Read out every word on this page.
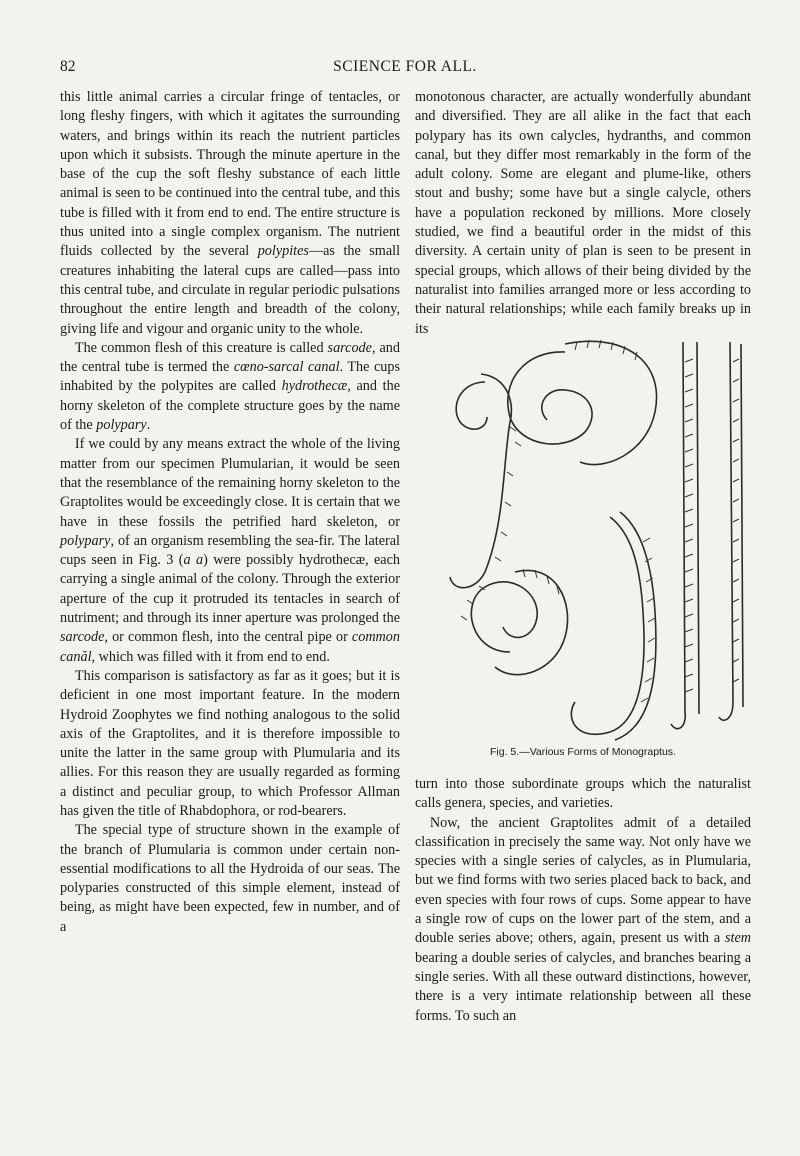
82	SCIENCE FOR ALL.

this little animal carries a circular fringe of tentacles, or long fleshy fingers, with which it agitates the surrounding waters, and brings within its reach the nutrient particles upon which it subsists. Through the minute aperture in the base of the cup the soft fleshy substance of each little animal is seen to be continued into the central tube, and this tube is filled with it from end to end. The entire structure is thus united into a single complex organism. The nutrient fluids collected by the several polypites—as the small creatures inhabiting the lateral cups are called—pass into this central tube, and circulate in regular periodic pulsations throughout the entire length and breadth of the colony, giving life and vigour and organic unity to the whole.

The common flesh of this creature is called sarcode, and the central tube is termed the cœno-sarcal canal. The cups inhabited by the polypites are called hydrothecæ, and the horny skeleton of the complete structure goes by the name of the polypary.

If we could by any means extract the whole of the living matter from our specimen Plumularian, it would be seen that the resemblance of the remaining horny skeleton to the Graptolites would be exceedingly close. It is certain that we have in these fossils the petrified hard skeleton, or polypary, of an organism resembling the sea-fir. The lateral cups seen in Fig. 3 (a a) were possibly hydrothecæ, each carrying a single animal of the colony. Through the exterior aperture of the cup it protruded its tentacles in search of nutriment; and through its inner aperture was prolonged the sarcode, or common flesh, into the central pipe or common canăl, which was filled with it from end to end.

This comparison is satisfactory as far as it goes; but it is deficient in one most important feature. In the modern Hydroid Zoophytes we find nothing analogous to the solid axis of the Graptolites, and it is therefore impossible to unite the latter in the same group with Plumularia and its allies. For this reason they are usually regarded as forming a distinct and peculiar group, to which Professor Allman has given the title of Rhabdophora, or rod-bearers.

The special type of structure shown in the example of the branch of Plumularia is common under certain non-essential modifications to all the Hydroida of our seas. The polyparies constructed of this simple element, instead of being, as might have been expected, few in number, and of a

monotonous character, are actually wonderfully abundant and diversified. They are all alike in the fact that each polypary has its own calycles, hydranths, and common canal, but they differ most remarkably in the form of the adult colony. Some are elegant and plume-like, others stout and bushy; some have but a single calycle, others have a population reckoned by millions. More closely studied, we find a beautiful order in the midst of this diversity. A certain unity of plan is seen to be present in special groups, which allows of their being divided by the naturalist into families arranged more or less according to their natural relationships; while each family breaks up in its

Fig. 5.—Various Forms of Monograptus.

turn into those subordinate groups which the naturalist calls genera, species, and varieties.

Now, the ancient Graptolites admit of a detailed classification in precisely the same way. Not only have we species with a single series of calycles, as in Plumularia, but we find forms with two series placed back to back, and even species with four rows of cups. Some appear to have a single row of cups on the lower part of the stem, and a double series above; others, again, present us with a stem bearing a double series of calycles, and branches bearing a single series. With all these outward distinctions, however, there is a very intimate relationship between all these forms. To such an
